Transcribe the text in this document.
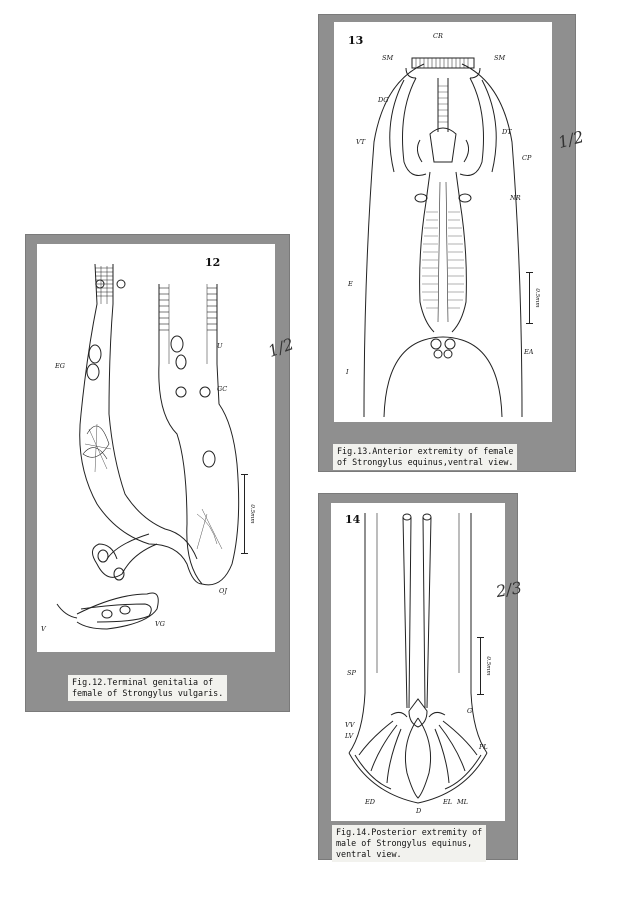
12
EG
U
GC
OJ
V
VG
0.5mm
Fig.12.Terminal genitalia of
female of Strongylus vulgaris.
1/2
13	CR
SM	SM
DG
DT
VT
CP
NR
E
EA
I
0.5mm
Fig.13.Anterior extremity of female
of Strongylus equinus,ventral view.
1/2
14
SP
G
VV
LV
PL
ED	EL ML
D
0.5mm
Fig.14.Posterior extremity of
male of Strongylus equinus,
ventral view.
2/3
